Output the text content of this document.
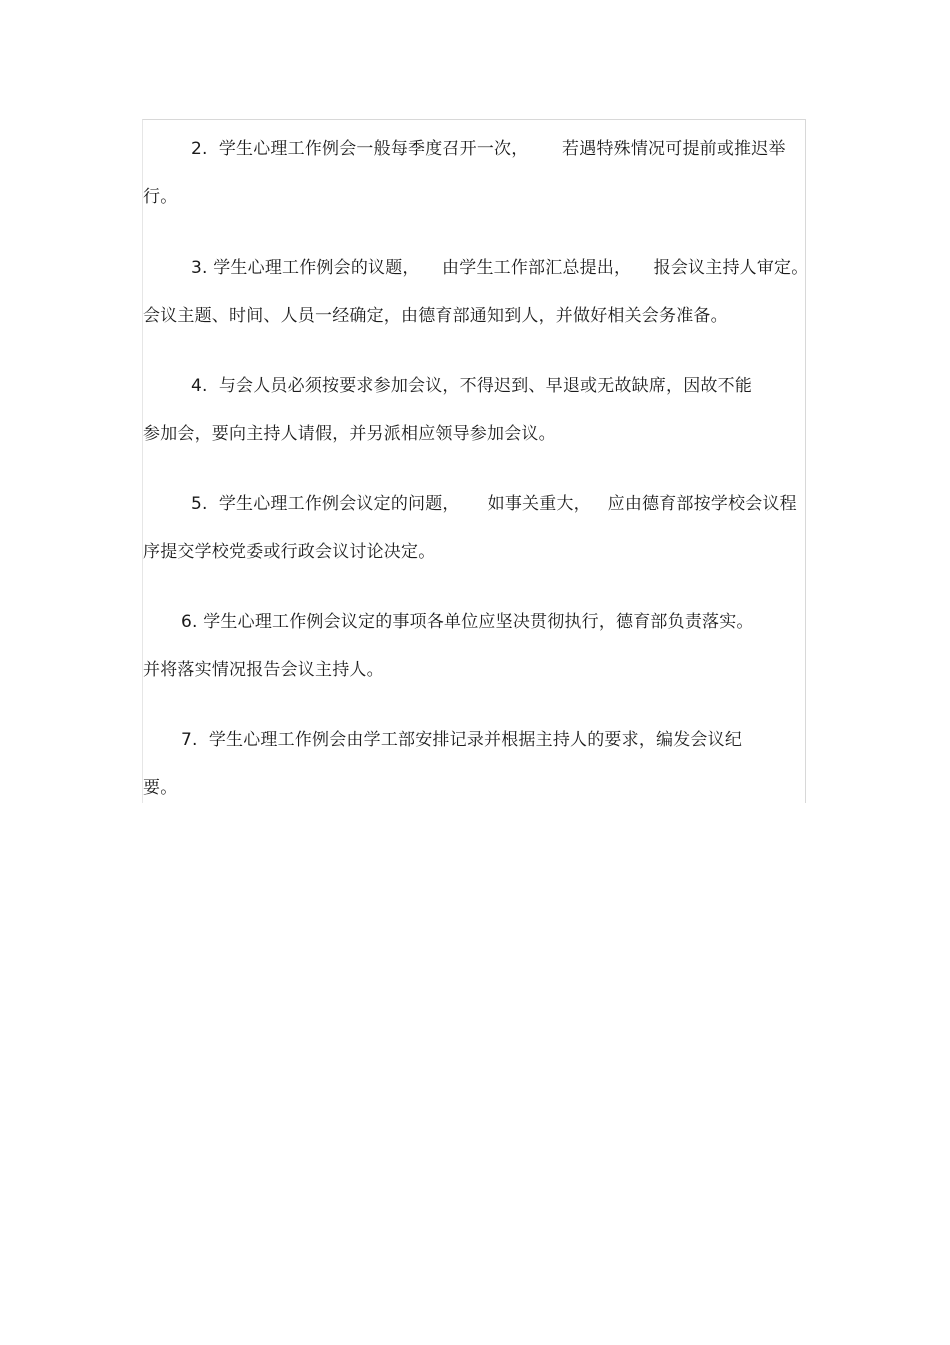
2.  学生心理工作例会一般每季度召开一次，      若遇特殊情况可提前或推迟举
行。
3. 学生心理工作例会的议题，    由学生工作部汇总提出，    报会议主持人审定。
会议主题、时间、人员一经确定，由德育部通知到人，并做好相关会务准备。
4.  与会人员必须按要求参加会议，不得迟到、早退或无故缺席，因故不能
参加会，要向主持人请假，并另派相应领导参加会议。
5.  学生心理工作例会议定的问题，     如事关重大，   应由德育部按学校会议程
序提交学校党委或行政会议讨论决定。
6. 学生心理工作例会议定的事项各单位应坚决贯彻执行，德育部负责落实。
并将落实情况报告会议主持人。
7.  学生心理工作例会由学工部安排记录并根据主持人的要求，编发会议纪
要。
